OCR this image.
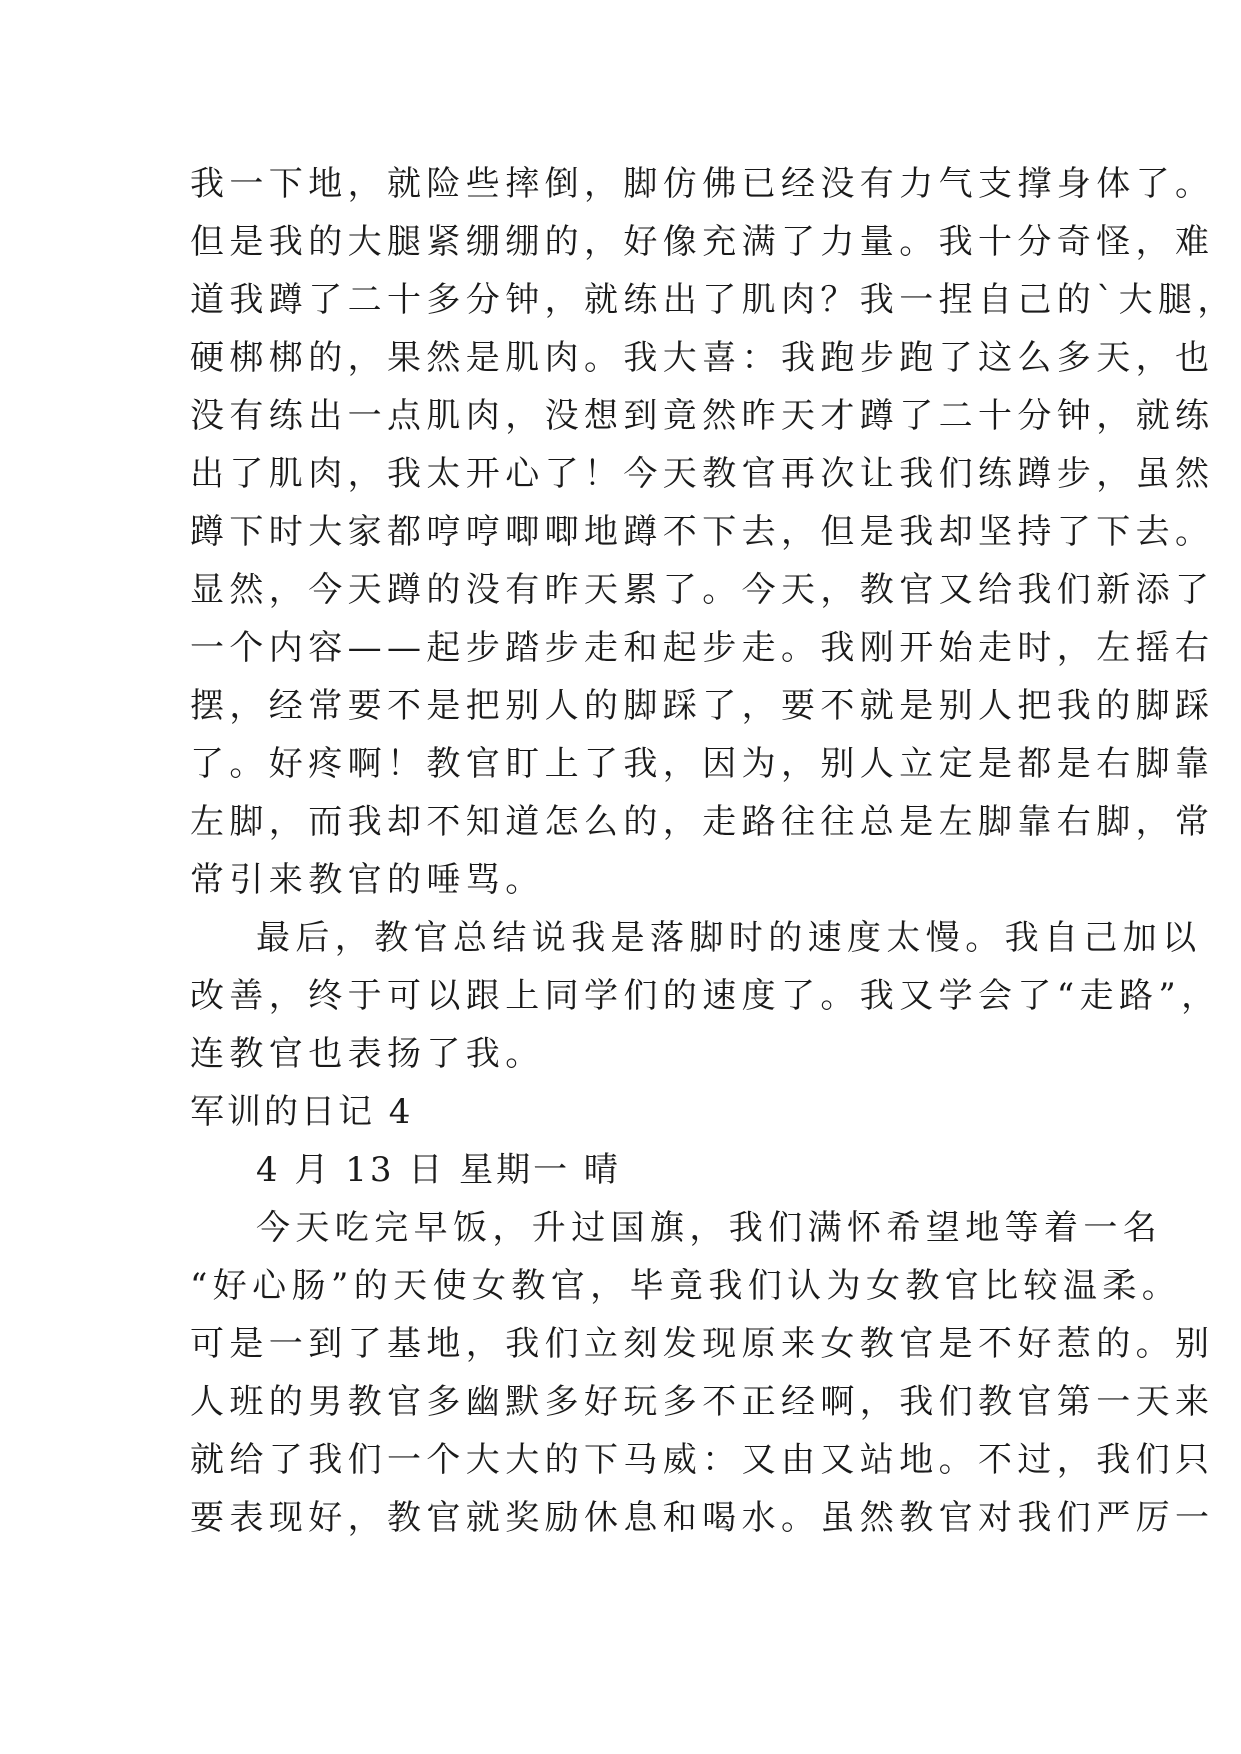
我一下地，就险些摔倒，脚仿佛已经没有力气支撑身体了。
但是我的大腿紧绷绷的，好像充满了力量。我十分奇怪，难
道我蹲了二十多分钟，就练出了肌肉？我一捏自己的`大腿，
硬梆梆的，果然是肌肉。我大喜：我跑步跑了这么多天，也
没有练出一点肌肉，没想到竟然昨天才蹲了二十分钟，就练
出了肌肉，我太开心了！今天教官再次让我们练蹲步，虽然
蹲下时大家都哼哼唧唧地蹲不下去，但是我却坚持了下去。
显然，今天蹲的没有昨天累了。今天，教官又给我们新添了
一个内容——起步踏步走和起步走。我刚开始走时，左摇右
摆，经常要不是把别人的脚踩了，要不就是别人把我的脚踩
了。好疼啊！教官盯上了我，因为，别人立定是都是右脚靠
左脚，而我却不知道怎么的，走路往往总是左脚靠右脚，常
常引来教官的唾骂。
最后，教官总结说我是落脚时的速度太慢。我自己加以
改善，终于可以跟上同学们的速度了。我又学会了“走路”，
连教官也表扬了我。
军训的日记 4
4 月 13 日 星期一 晴
今天吃完早饭，升过国旗，我们满怀希望地等着一名
“好心肠”的天使女教官，毕竟我们认为女教官比较温柔。
可是一到了基地，我们立刻发现原来女教官是不好惹的。别
人班的男教官多幽默多好玩多不正经啊，我们教官第一天来
就给了我们一个大大的下马威：又由又站地。不过，我们只
要表现好，教官就奖励休息和喝水。虽然教官对我们严厉一
